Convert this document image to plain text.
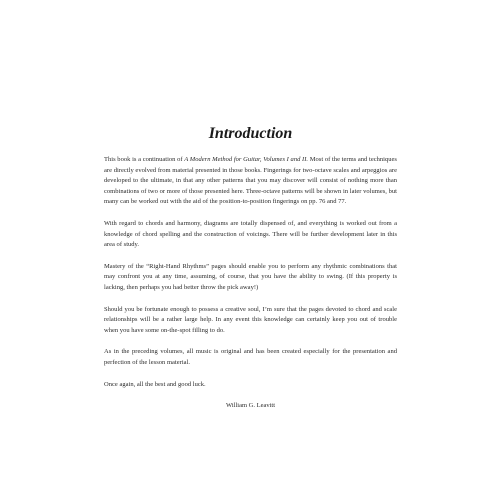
Introduction

This book is a continuation of A Modern Method for Guitar, Volumes I and II. Most of the terms and techniques are directly evolved from material presented in those books. Fingerings for two-octave scales and arpeggios are developed to the ultimate, in that any other patterns that you may discover will consist of nothing more than combinations of two or more of those presented here. Three-octave patterns will be shown in later volumes, but many can be worked out with the aid of the position-to-position fingerings on pp. 76 and 77.

With regard to chords and harmony, diagrams are totally dispensed of, and everything is worked out from a knowledge of chord spelling and the construction of voicings. There will be further development later in this area of study.

Mastery of the “Right-Hand Rhythms” pages should enable you to perform any rhythmic combinations that may confront you at any time, assuming, of course, that you have the ability to swing. (If this property is lacking, then perhaps you had better throw the pick away!)

Should you be fortunate enough to possess a creative soul, I’m sure that the pages devoted to chord and scale relationships will be a rather large help. In any event this knowledge can certainly keep you out of trouble when you have some on-the-spot filling to do.

As in the preceding volumes, all music is original and has been created especially for the presentation and perfection of the lesson material.

Once again, all the best and good luck.

William G. Leavitt
